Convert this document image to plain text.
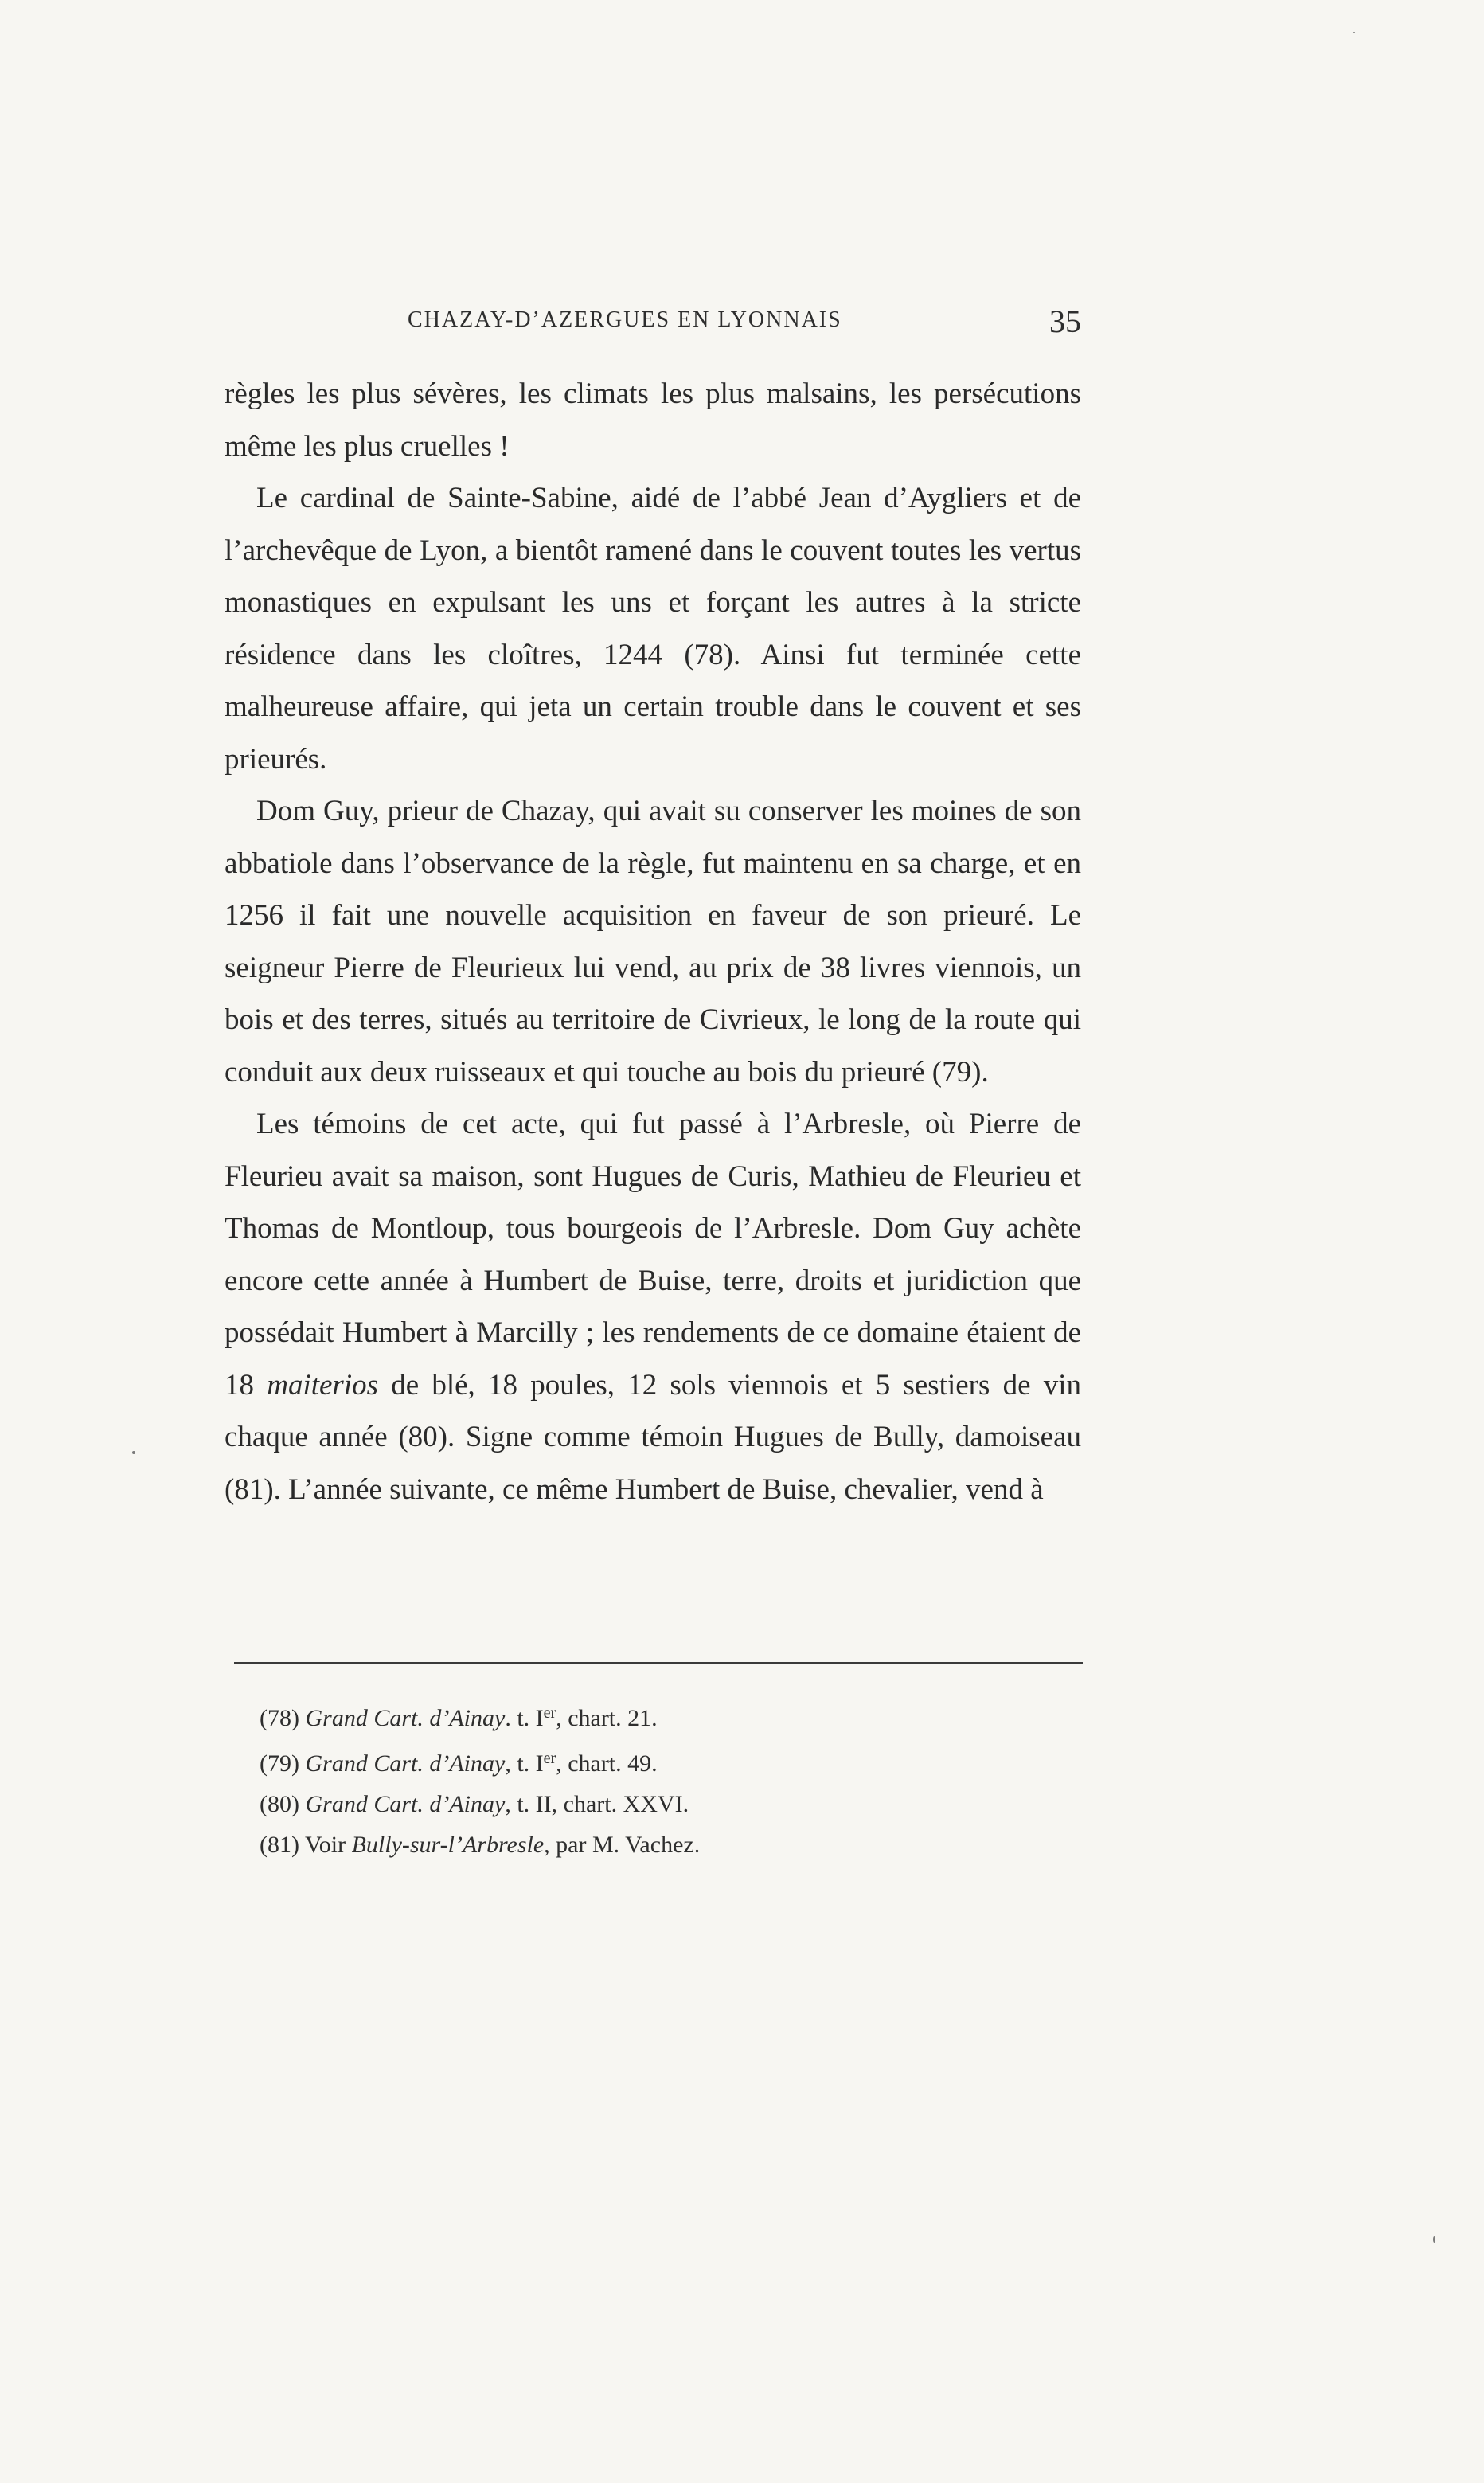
CHAZAY-D’AZERGUES EN LYONNAIS	35

règles les plus sévères, les climats les plus malsains, les persécutions même les plus cruelles !

Le cardinal de Sainte-Sabine, aidé de l’abbé Jean d’Aygliers et de l’archevêque de Lyon, a bientôt ramené dans le couvent toutes les vertus monastiques en expulsant les uns et forçant les autres à la stricte résidence dans les cloîtres, 1244 (78). Ainsi fut terminée cette malheureuse affaire, qui jeta un certain trouble dans le couvent et ses prieurés.

Dom Guy, prieur de Chazay, qui avait su conserver les moines de son abbatiole dans l’observance de la règle, fut maintenu en sa charge, et en 1256 il fait une nouvelle acquisition en faveur de son prieuré. Le seigneur Pierre de Fleurieux lui vend, au prix de 38 livres viennois, un bois et des terres, situés au territoire de Civrieux, le long de la route qui conduit aux deux ruisseaux et qui touche au bois du prieuré (79).

Les témoins de cet acte, qui fut passé à l’Arbresle, où Pierre de Fleurieu avait sa maison, sont Hugues de Curis, Mathieu de Fleurieu et Thomas de Montloup, tous bourgeois de l’Arbresle. Dom Guy achète encore cette année à Humbert de Buise, terre, droits et juridiction que possédait Humbert à Marcilly ; les rendements de ce domaine étaient de 18 maiterios de blé, 18 poules, 12 sols viennois et 5 sestiers de vin chaque année (80). Signe comme témoin Hugues de Bully, damoiseau (81). L’année suivante, ce même Humbert de Buise, chevalier, vend à

(78) Grand Cart. d’Ainay. t. Ier, chart. 21.
(79) Grand Cart. d’Ainay, t. Ier, chart. 49.
(80) Grand Cart. d’Ainay, t. II, chart. XXVI.
(81) Voir Bully-sur-l’Arbresle, par M. Vachez.
